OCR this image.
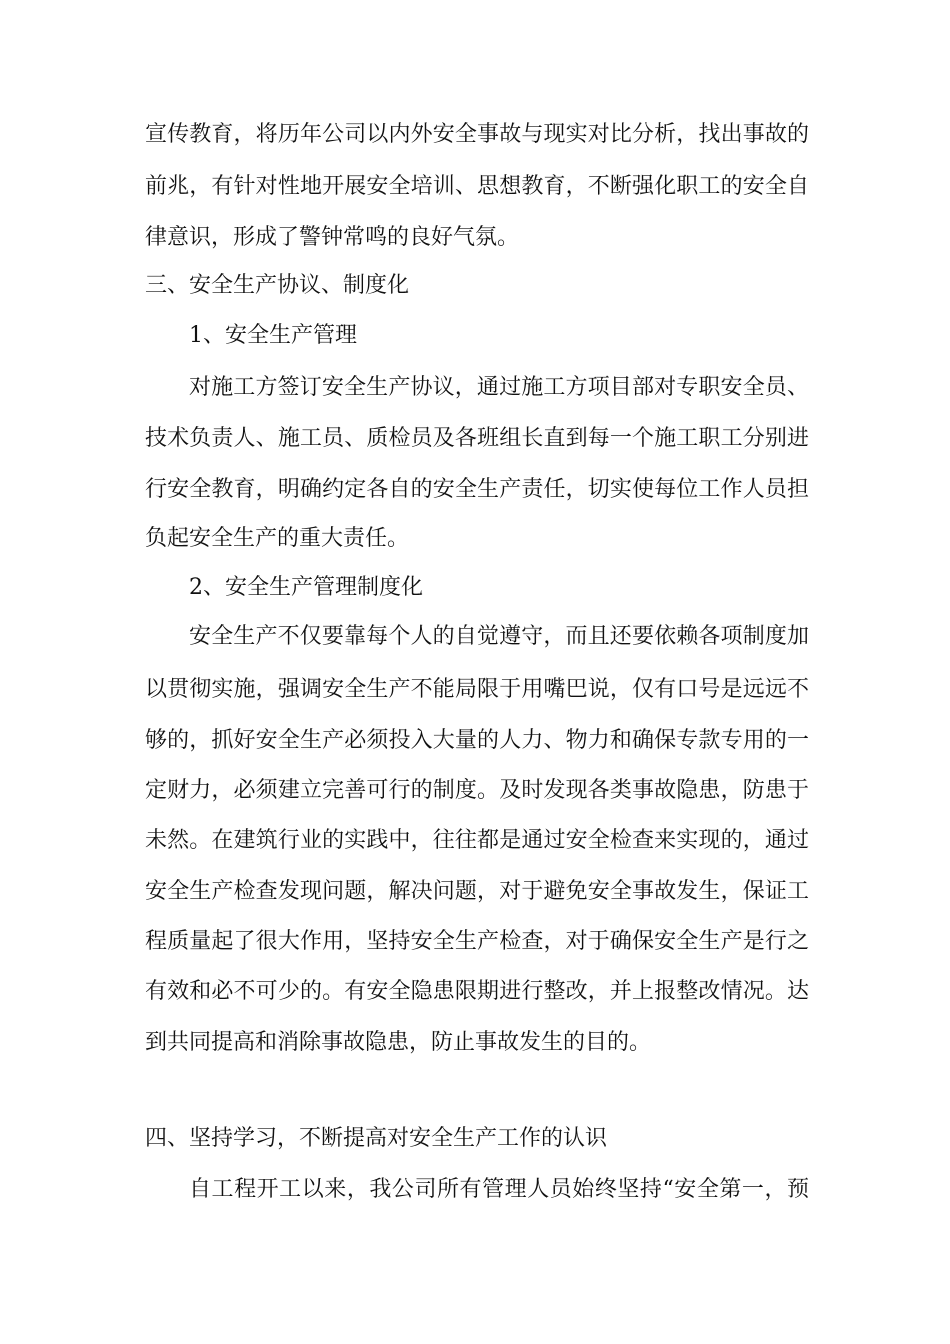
宣传教育，将历年公司以内外安全事故与现实对比分析，找出事故的
前兆，有针对性地开展安全培训、思想教育，不断强化职工的安全自
律意识，形成了警钟常鸣的良好气氛。
三、安全生产协议、制度化
1、安全生产管理
对施工方签订安全生产协议，通过施工方项目部对专职安全员、
技术负责人、施工员、质检员及各班组长直到每一个施工职工分别进
行安全教育，明确约定各自的安全生产责任，切实使每位工作人员担
负起安全生产的重大责任。
2、安全生产管理制度化
安全生产不仅要靠每个人的自觉遵守，而且还要依赖各项制度加
以贯彻实施，强调安全生产不能局限于用嘴巴说，仅有口号是远远不
够的，抓好安全生产必须投入大量的人力、物力和确保专款专用的一
定财力，必须建立完善可行的制度。及时发现各类事故隐患，防患于
未然。在建筑行业的实践中，往往都是通过安全检查来实现的，通过
安全生产检查发现问题，解决问题，对于避免安全事故发生，保证工
程质量起了很大作用，坚持安全生产检查，对于确保安全生产是行之
有效和必不可少的。有安全隐患限期进行整改，并上报整改情况。达
到共同提高和消除事故隐患，防止事故发生的目的。
四、坚持学习，不断提高对安全生产工作的认识
自工程开工以来，我公司所有管理人员始终坚持“安全第一，预
